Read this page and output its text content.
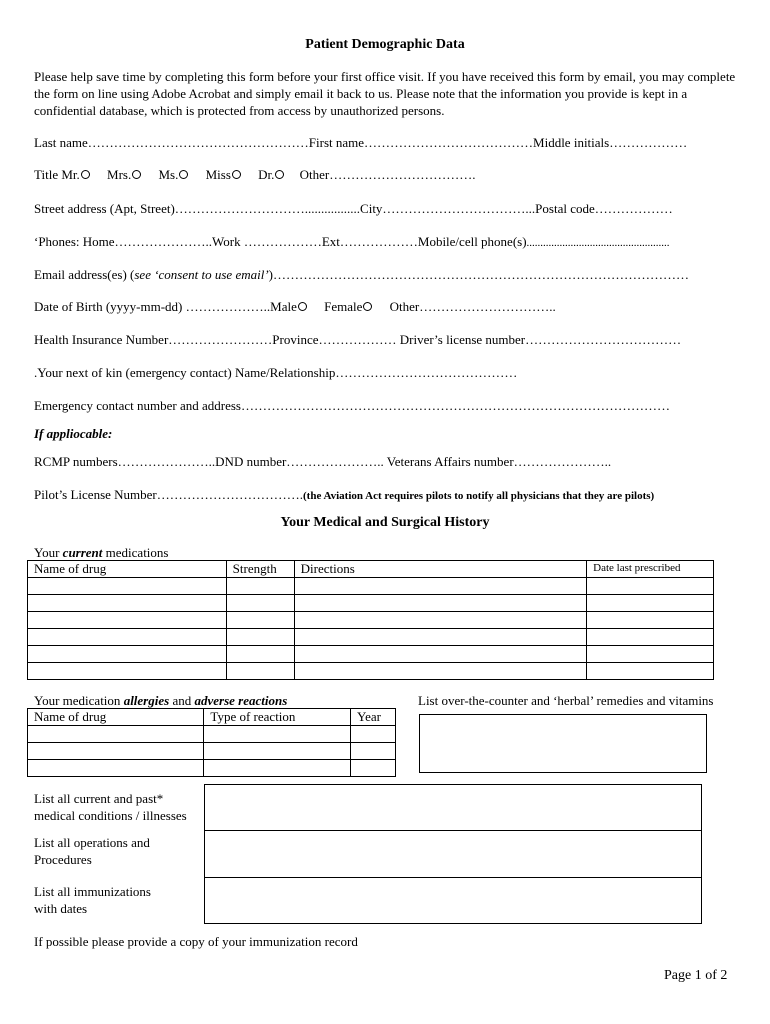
Patient Demographic Data
Please help save time by completing this form before your first office visit. If you have received this form by email, you may complete the form on line using Adobe Acrobat and simply email it back to us. Please note that the information you provide is kept in a confidential database, which is protected from access by unauthorized persons.
Last name……………………………………………First name…………………………………Middle initials………………
Title Mr. Mrs. Ms. Miss Dr. Other…………………………….
Street address (Apt, Street)………………………….................City……………………………...Postal code………………
‘Phones: Home…………………..Work ………………Ext………………Mobile/cell phone(s)....................................................
Email address(es) (see ‘consent to use email’)……………………………………………………………………………………
Date of Birth (yyyy-mm-dd) ………………..Male Female Other…………………………..
Health Insurance Number……………………Province……………… Driver’s license number………………………………
.Your next of kin (emergency contact) Name/Relationship……………………………………
Emergency contact number and address………………………………………………………………………………………
If appliocable:
RCMP numbers…………………..DND number………………….. Veterans Affairs number…………………..
Pilot’s License Number…………………………….(the Aviation Act requires pilots to notify all physicians that they are pilots)
Your Medical and Surgical History
Your current medications
Name of drug	Strength	Directions	Date last prescribed

Your medication allergies and adverse reactions	List over-the-counter and ‘herbal’ remedies and vitamins
Name of drug	Type of reaction	Year

List all current and past*
medical conditions / illnesses
List all operations and
Procedures
List all immunizations
with dates
If possible please provide a copy of your immunization record
Page 1 of 2
